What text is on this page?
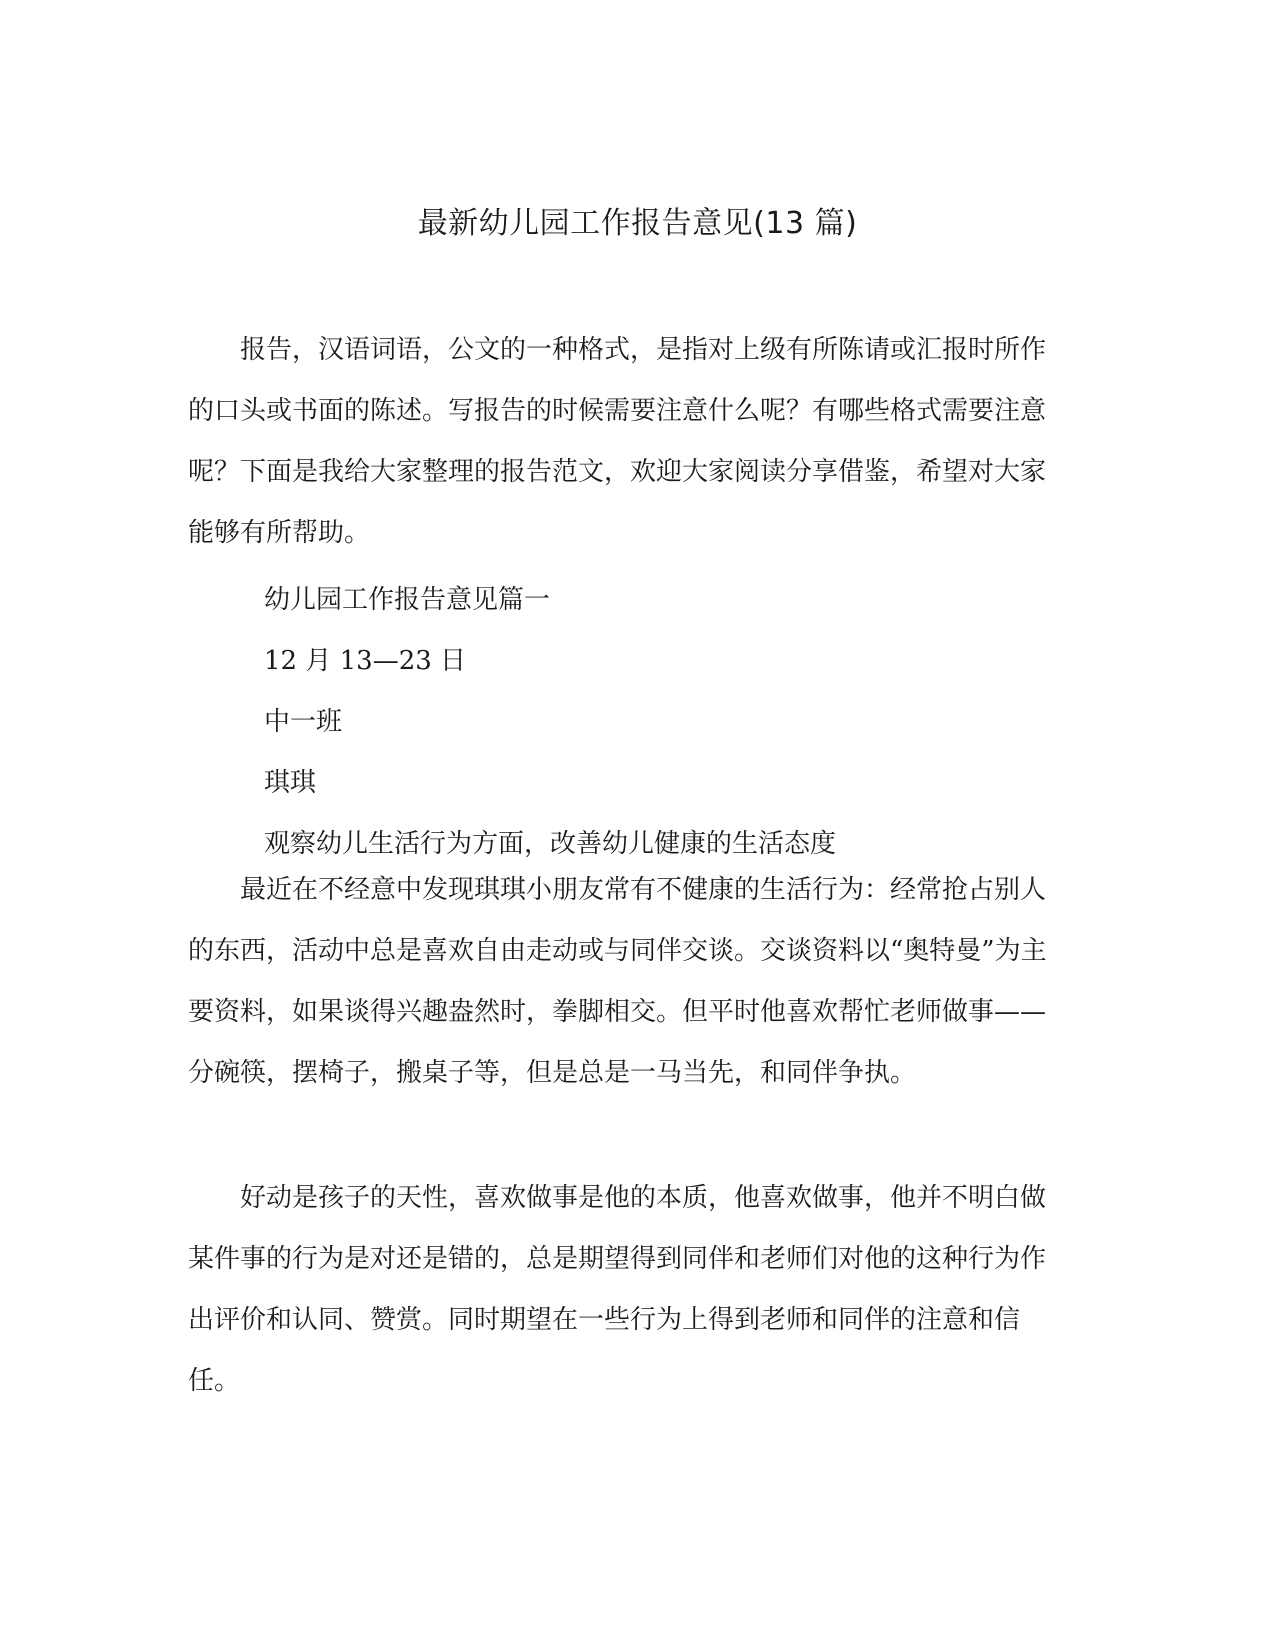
最新幼儿园工作报告意见(13 篇)

报告，汉语词语，公文的一种格式，是指对上级有所陈请或汇报时所作的口头或书面的陈述。写报告的时候需要注意什么呢？有哪些格式需要注意呢？下面是我给大家整理的报告范文，欢迎大家阅读分享借鉴，希望对大家能够有所帮助。

幼儿园工作报告意见篇一

12 月 13—23 日

中一班

琪琪

观察幼儿生活行为方面，改善幼儿健康的生活态度

最近在不经意中发现琪琪小朋友常有不健康的生活行为：经常抢占别人的东西，活动中总是喜欢自由走动或与同伴交谈。交谈资料以“奥特曼”为主要资料，如果谈得兴趣盎然时，拳脚相交。但平时他喜欢帮忙老师做事——分碗筷，摆椅子，搬桌子等，但是总是一马当先，和同伴争执。

好动是孩子的天性，喜欢做事是他的本质，他喜欢做事，他并不明白做某件事的行为是对还是错的，总是期望得到同伴和老师们对他的这种行为作出评价和认同、赞赏。同时期望在一些行为上得到老师和同伴的注意和信任。
